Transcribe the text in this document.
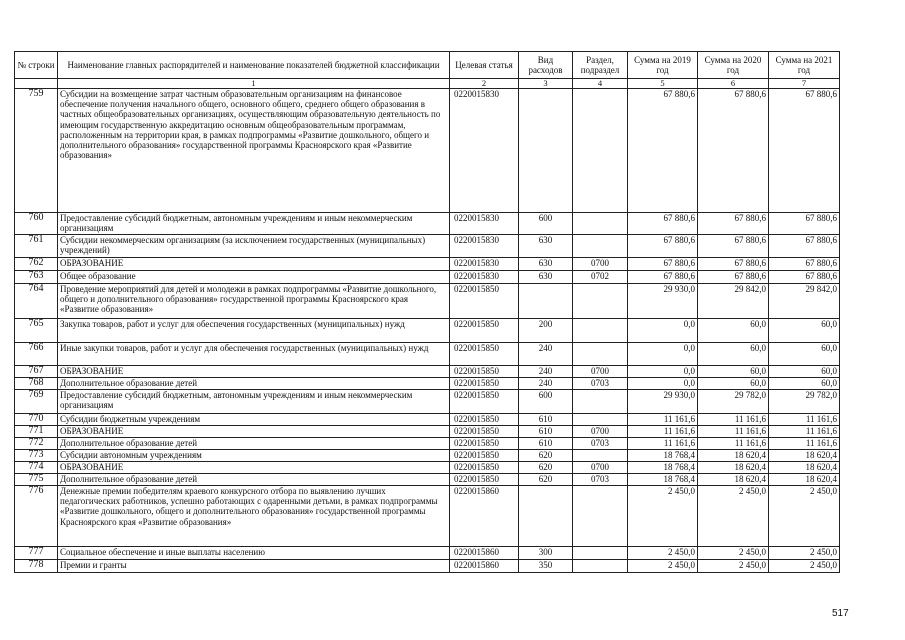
№ строки	Наименование главных распорядителей и наименование показателей бюджетной классификации	Целевая статья	Вид расходов	Раздел, подраздел	Сумма на 2019 год	Сумма на 2020 год	Сумма на 2021 год
	1	2	3	4	5	6	7
759	Субсидии на возмещение затрат частным образовательным организациям на финансовое обеспечение получения начального общего, основного общего, среднего общего образования в частных общеобразовательных организациях, осуществляющим образовательную деятельность по имеющим государственную аккредитацию основным общеобразовательным программам, расположенным на территории края, в рамках подпрограммы «Развитие дошкольного, общего и дополнительного образования» государственной программы Красноярского края «Развитие образования»	0220015830			67 880,6	67 880,6	67 880,6
760	Предоставление субсидий бюджетным, автономным учреждениям и иным некоммерческим организациям	0220015830	600		67 880,6	67 880,6	67 880,6
761	Субсидии некоммерческим организациям (за исключением государственных (муниципальных) учреждений)	0220015830	630		67 880,6	67 880,6	67 880,6
762	ОБРАЗОВАНИЕ	0220015830	630	0700	67 880,6	67 880,6	67 880,6
763	Общее образование	0220015830	630	0702	67 880,6	67 880,6	67 880,6
764	Проведение мероприятий для детей и молодежи в рамках подпрограммы «Развитие дошкольного, общего и дополнительного образования» государственной программы Красноярского края «Развитие образования»	0220015850			29 930,0	29 842,0	29 842,0
765	Закупка товаров, работ и услуг для обеспечения государственных (муниципальных) нужд	0220015850	200		0,0	60,0	60,0
766	Иные закупки товаров, работ и услуг для обеспечения государственных (муниципальных) нужд	0220015850	240		0,0	60,0	60,0
767	ОБРАЗОВАНИЕ	0220015850	240	0700	0,0	60,0	60,0
768	Дополнительное образование детей	0220015850	240	0703	0,0	60,0	60,0
769	Предоставление субсидий бюджетным, автономным учреждениям и иным некоммерческим организациям	0220015850	600		29 930,0	29 782,0	29 782,0
770	Субсидии бюджетным учреждениям	0220015850	610		11 161,6	11 161,6	11 161,6
771	ОБРАЗОВАНИЕ	0220015850	610	0700	11 161,6	11 161,6	11 161,6
772	Дополнительное образование детей	0220015850	610	0703	11 161,6	11 161,6	11 161,6
773	Субсидии автономным учреждениям	0220015850	620		18 768,4	18 620,4	18 620,4
774	ОБРАЗОВАНИЕ	0220015850	620	0700	18 768,4	18 620,4	18 620,4
775	Дополнительное образование детей	0220015850	620	0703	18 768,4	18 620,4	18 620,4
776	Денежные премии победителям краевого конкурсного отбора по выявлению лучших педагогических работников, успешно работающих с одаренными детьми, в рамках подпрограммы «Развитие дошкольного, общего и дополнительного образования» государственной программы Красноярского края «Развитие образования»	0220015860			2 450,0	2 450,0	2 450,0
777	Социальное обеспечение и иные выплаты населению	0220015860	300		2 450,0	2 450,0	2 450,0
778	Премии и гранты	0220015860	350		2 450,0	2 450,0	2 450,0
517
